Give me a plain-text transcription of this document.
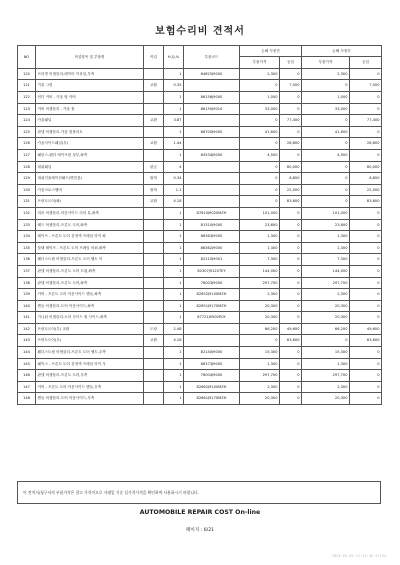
보험수리비 견적서
NO	작업항목 및 부품명	작업	H,Q,%	부품코드	손해 사정전		손해 사정후	
					부품가격	공임	부품가격	공임
120	브라켓 어셈블리-레이어 이상임,우측		1	64625J9000	2,300	0	2,300	0
121	카울 그릴	교환	0.35		0	7,000	0	7,000
122	언더 커버 - 카울 탑 커버		1	86156J9000	1,000	0	1,000	0
123	커버 어셈블리 - 카울 톱		1	86150J9010	33,000	0	33,000	0
124	카울패널	교환	3.87		0	77,400	0	77,400
125	판넬 어셈블리-카울 컴플리트		1	66700J9000	41,600	0	41,600	0
126	카울사이드패널(우)	교환	1.44		0	28,800	0	28,800
127	패턴스-펜더 에이프런 상부,좌측		1	64534J9000	4,500	0	4,500	0
128	대쉬패널	판금	4		0	80,000	0	80,000
129	대쉬인슐레이션패드(엔진룸)	탈착	0.34		0	6,800	0	6,800
130	카울크로스멤버	탈착	1.1		0	22,000	0	22,000
131	프런트도어(좌)	교환	4.18		0	83,600	0	83,600
132	미러 어셈블리-아웃사이드 리어 뷰,좌측		1	87610J9020MZH	101,000	0	101,000	0
133	헤드 어셈블리-프론트 도어,좌측		1	81310J9000	23,600	0	23,600	0
134	테이프 - 프론트 도어 검정색 프레임 라이 좌		1	86363J9000	1,300	0	1,300	0
135	블랙 테이프 - 프론트 도어 프레임 어퍼,좌측		1	86362J9000	1,300	0	1,300	0
136	웨더스트립 어셈블리-프론트 도어 벨트 아		1	82210J9001	7,300	0	7,300	0
137	판넬 어셈블리-프론트 도어 트림,좌측		1	82307J9120TEY	144,000	0	144,000	0
138	판넬 어셈블리-프론트 도어,좌측		1	76003J9000	297,700	0	297,700	0
139	커버 - 프론트 도어 아웃사이드 핸들,좌측		1	82652J9100MZH	2,300	0	2,300	0
140	핸들 어셈블리-도어 아웃사이드,좌측		1	82651J9170MZH	20,300	0	20,300	0
141	가니쉬 어셈블리-도어 사이드 씰 사이드,좌측		1	87721J9500PGY	20,300	0	20,300	0
142	프런트도어(우) 교환	도장	2.48		66,200	49,600	66,200	49,600
143	프런트도어(우)	교환	4.18		0	83,600	0	83,600
144	웨더스트립 어셈블리-프론트 도어 벨트,우측		1	82140J9000	15,300	0	15,300	0
145	패이스 - 프론트 도어 검정색 프레임 라이 우		1	86373J9000	1,300	0	1,300	0
146	판넬 어셈블리-프론트 도어,우측		1	76004J9000	297,700	0	297,700	0
147	커버 - 프론트 도어 아웃사이드 핸들,우측		1	82662J9100MZH	2,300	0	2,300	0
148	핸들 어셈블리-도어 아웃사이드,우측		1	82661J9170MZH	20,300	0	20,300	0
이 견적서/청구서의 부품가격은 참고 가격이므로 거래일 기준 실가격가격을 확인하여 사용하시기 바랍니다.
AUTOMOBILE REPAIR COST On-line
페이지 : 6/21
2023-03-09 11:34:46 47193
